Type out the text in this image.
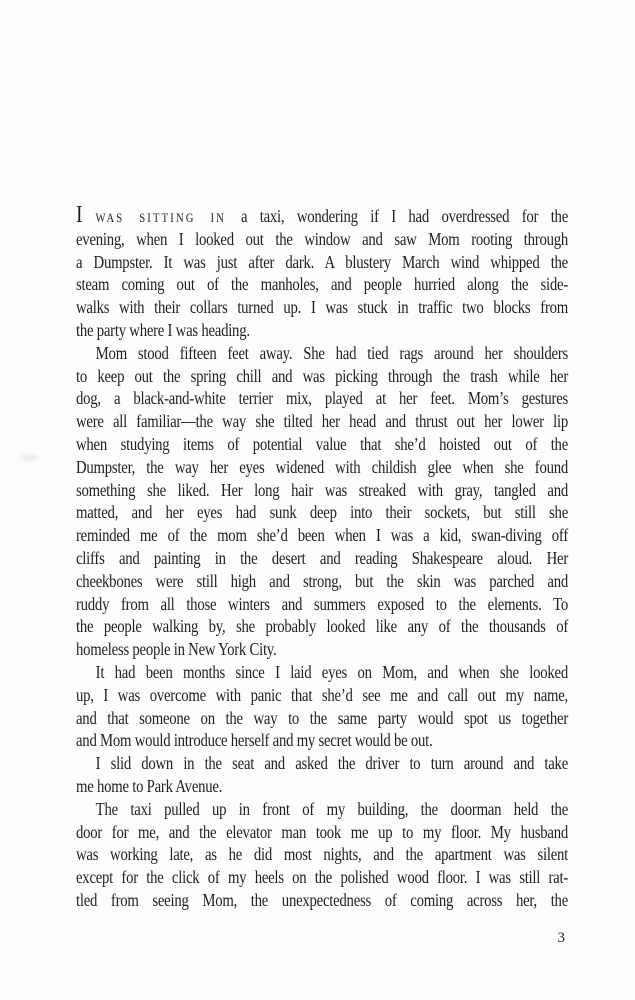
I was sitting in a taxi, wondering if I had overdressed for the
evening, when I looked out the window and saw Mom rooting through
a Dumpster. It was just after dark. A blustery March wind whipped the
steam coming out of the manholes, and people hurried along the side-
walks with their collars turned up. I was stuck in traffic two blocks from
the party where I was heading.
Mom stood fifteen feet away. She had tied rags around her shoulders
to keep out the spring chill and was picking through the trash while her
dog, a black-and-white terrier mix, played at her feet. Mom’s gestures
were all familiar—the way she tilted her head and thrust out her lower lip
when studying items of potential value that she’d hoisted out of the
Dumpster, the way her eyes widened with childish glee when she found
something she liked. Her long hair was streaked with gray, tangled and
matted, and her eyes had sunk deep into their sockets, but still she
reminded me of the mom she’d been when I was a kid, swan-diving off
cliffs and painting in the desert and reading Shakespeare aloud. Her
cheekbones were still high and strong, but the skin was parched and
ruddy from all those winters and summers exposed to the elements. To
the people walking by, she probably looked like any of the thousands of
homeless people in New York City.
It had been months since I laid eyes on Mom, and when she looked
up, I was overcome with panic that she’d see me and call out my name,
and that someone on the way to the same party would spot us together
and Mom would introduce herself and my secret would be out.
I slid down in the seat and asked the driver to turn around and take
me home to Park Avenue.
The taxi pulled up in front of my building, the doorman held the
door for me, and the elevator man took me up to my floor. My husband
was working late, as he did most nights, and the apartment was silent
except for the click of my heels on the polished wood floor. I was still rat-
tled from seeing Mom, the unexpectedness of coming across her, the
3
